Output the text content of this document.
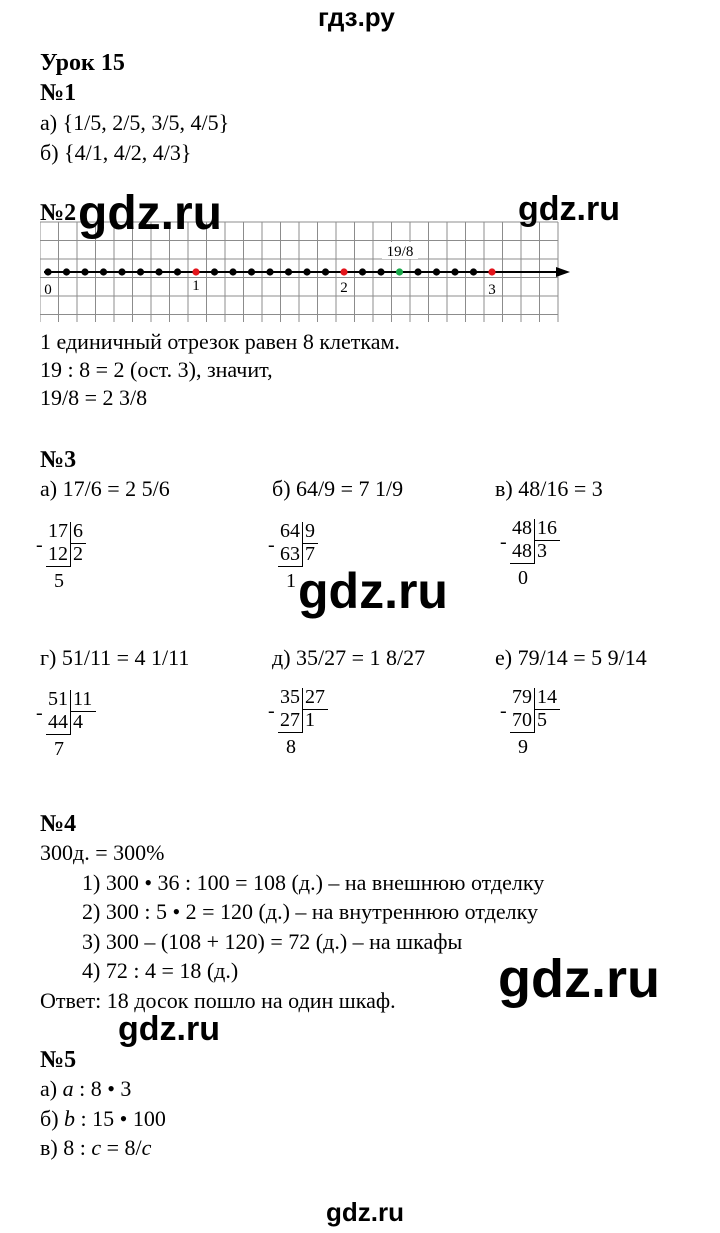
гдз.ру
Урок 15
№1
а) {1/5, 2/5, 3/5, 4/5}
б) {4/1, 4/2, 4/3}
№2
19/8
0	1	2	3
1 единичный отрезок равен 8 клеткам.
19 : 8 = 2 (ост. 3), значит,
19/8 = 2 3/8
№3
а) 17/6 = 2 5/6	б) 64/9 = 7 1/9	в) 48/16 = 3
-
17 6
12 2
5
-
64 9
63 7
1
-
48 16
48 3
0
г) 51/11 = 4 1/11	д) 35/27 = 1 8/27	е) 79/14 = 5 9/14
-
51 11
44 4
7
-
35 27
27 1
8
-
79 14
70 5
9
№4
300д. = 300%
1) 300 • 36 : 100 = 108 (д.) – на внешнюю отделку
2) 300 : 5 • 2 = 120 (д.) – на внутреннюю отделку
3) 300 – (108 + 120) = 72 (д.) – на шкафы
4) 72 : 4 = 18 (д.)
Ответ: 18 досок пошло на один шкаф.
№5
а) a : 8 • 3
б) b : 15 • 100
в) 8 : c = 8/c
gdz.ru	gdz.ru
gdz.ru
gdz.ru
gdz.ru
gdz.ru
